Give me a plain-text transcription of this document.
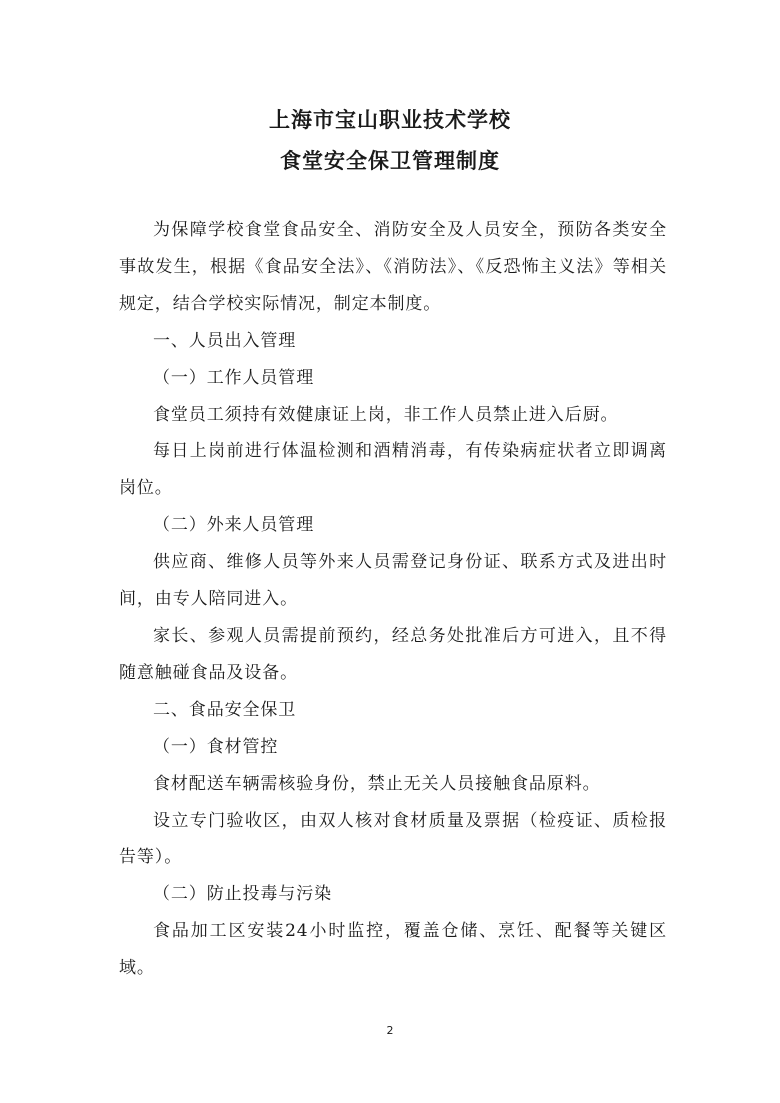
上海市宝山职业技术学校
食堂安全保卫管理制度

为保障学校食堂食品安全、消防安全及人员安全，预防各类安全事故发生，根据《食品安全法》、《消防法》、《反恐怖主义法》等相关规定，结合学校实际情况，制定本制度。

一、人员出入管理

（一）工作人员管理

食堂员工须持有效健康证上岗，非工作人员禁止进入后厨。

每日上岗前进行体温检测和酒精消毒，有传染病症状者立即调离岗位。

（二）外来人员管理

供应商、维修人员等外来人员需登记身份证、联系方式及进出时间，由专人陪同进入。

家长、参观人员需提前预约，经总务处批准后方可进入，且不得随意触碰食品及设备。

二、食品安全保卫

（一）食材管控

食材配送车辆需核验身份，禁止无关人员接触食品原料。

设立专门验收区，由双人核对食材质量及票据（检疫证、质检报告等）。

（二）防止投毒与污染

食品加工区安装24小时监控，覆盖仓储、烹饪、配餐等关键区域。

2
